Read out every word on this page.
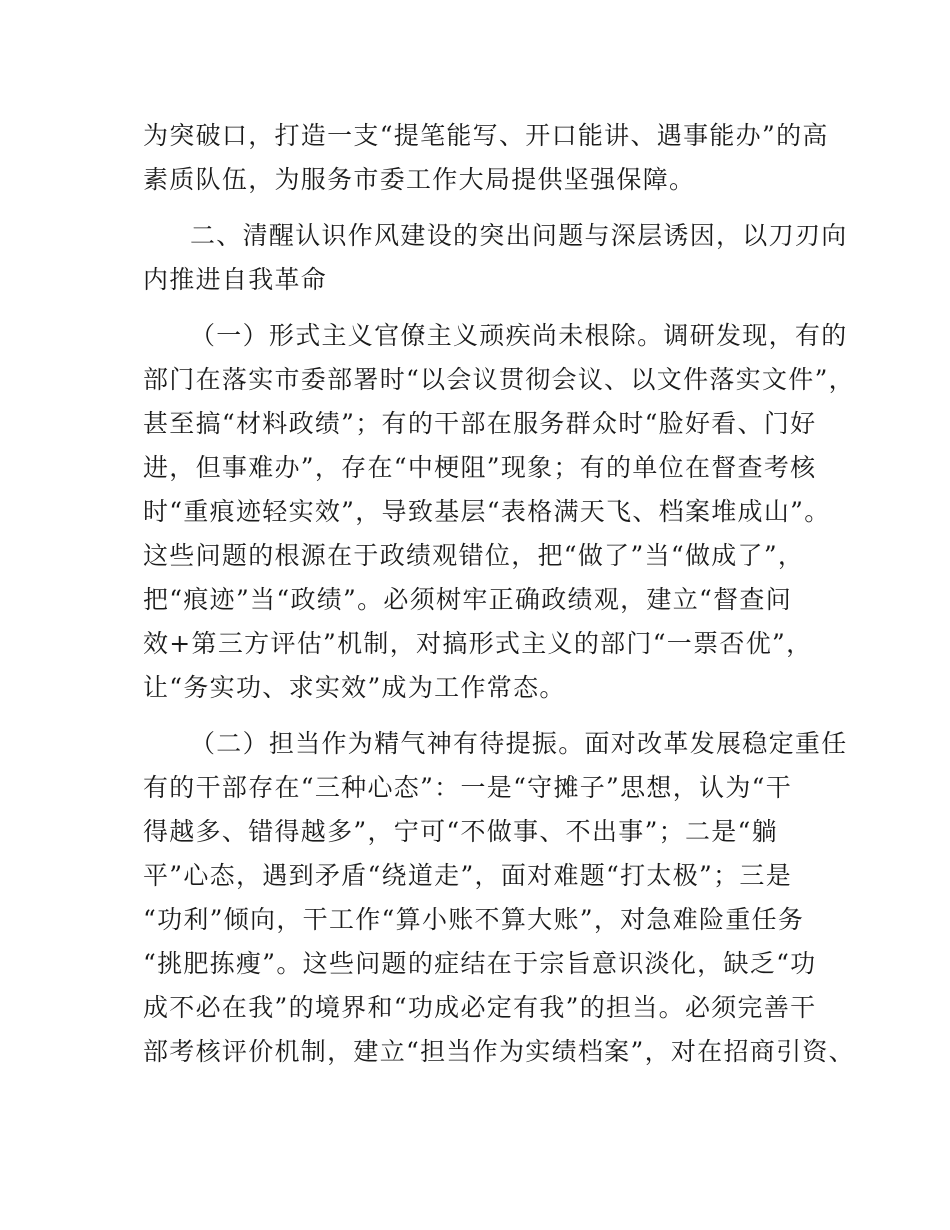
为突破口，打造一支“提笔能写、开口能讲、遇事能办”的高
素质队伍，为服务市委工作大局提供坚强保障。
二、清醒认识作风建设的突出问题与深层诱因，以刀刃向
内推进自我革命
（一）形式主义官僚主义顽疾尚未根除。调研发现，有的
部门在落实市委部署时“以会议贯彻会议、以文件落实文件”，
甚至搞“材料政绩”；有的干部在服务群众时“脸好看、门好
进，但事难办”，存在“中梗阻”现象；有的单位在督查考核
时“重痕迹轻实效”，导致基层“表格满天飞、档案堆成山”。
这些问题的根源在于政绩观错位，把“做了”当“做成了”，
把“痕迹”当“政绩”。必须树牢正确政绩观，建立“督查问
效+第三方评估”机制，对搞形式主义的部门“一票否优”，
让“务实功、求实效”成为工作常态。
（二）担当作为精气神有待提振。面对改革发展稳定重任
有的干部存在“三种心态”：一是“守摊子”思想，认为“干
得越多、错得越多”，宁可“不做事、不出事”；二是“躺
平”心态，遇到矛盾“绕道走”，面对难题“打太极”；三是
“功利”倾向，干工作“算小账不算大账”，对急难险重任务
“挑肥拣瘦”。这些问题的症结在于宗旨意识淡化，缺乏“功
成不必在我”的境界和“功成必定有我”的担当。必须完善干
部考核评价机制，建立“担当作为实绩档案”，对在招商引资、
